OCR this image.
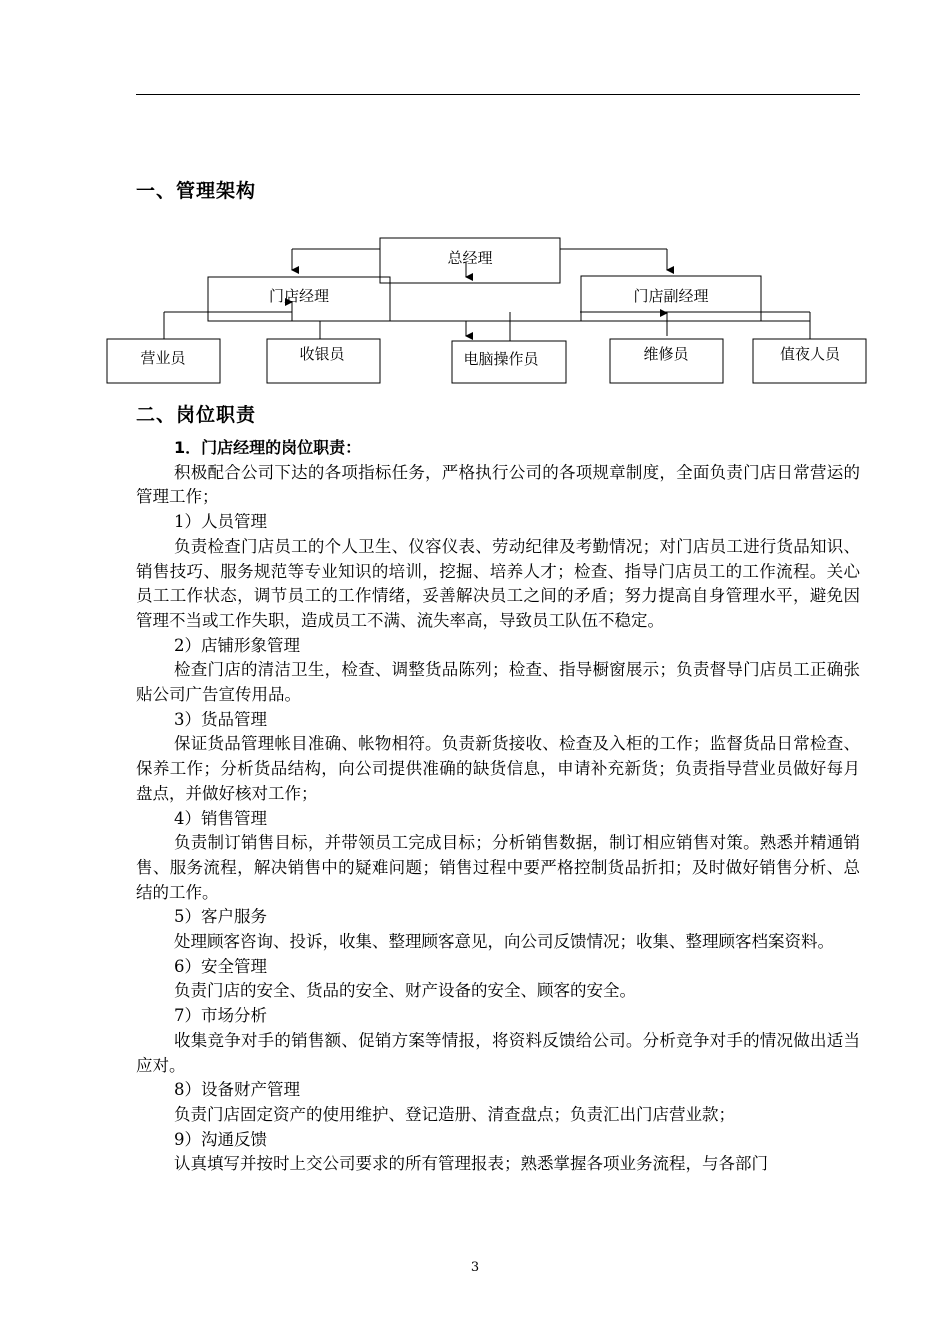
一、管理架构
总经理
门店经理	门店副经理
营业员	收银员	电脑操作员	维修员	值夜人员
二、岗位职责

1．门店经理的岗位职责：

积极配合公司下达的各项指标任务，严格执行公司的各项规章制度，全面负责门店日常营运的管理工作；

1）人员管理

负责检查门店员工的个人卫生、仪容仪表、劳动纪律及考勤情况；对门店员工进行货品知识、销售技巧、服务规范等专业知识的培训，挖掘、培养人才；检查、指导门店员工的工作流程。关心员工工作状态，调节员工的工作情绪，妥善解决员工之间的矛盾；努力提高自身管理水平，避免因管理不当或工作失职，造成员工不满、流失率高，导致员工队伍不稳定。

2）店铺形象管理

检查门店的清洁卫生，检查、调整货品陈列；检查、指导橱窗展示；负责督导门店员工正确张贴公司广告宣传用品。

3）货品管理

保证货品管理帐目准确、帐物相符。负责新货接收、检查及入柜的工作；监督货品日常检查、保养工作；分析货品结构，向公司提供准确的缺货信息，申请补充新货；负责指导营业员做好每月盘点，并做好核对工作；

4）销售管理

负责制订销售目标，并带领员工完成目标；分析销售数据，制订相应销售对策。熟悉并精通销售、服务流程，解决销售中的疑难问题；销售过程中要严格控制货品折扣；及时做好销售分析、总结的工作。

5）客户服务

处理顾客咨询、投诉，收集、整理顾客意见，向公司反馈情况；收集、整理顾客档案资料。

6）安全管理

负责门店的安全、货品的安全、财产设备的安全、顾客的安全。

7）市场分析

收集竞争对手的销售额、促销方案等情报，将资料反馈给公司。分析竞争对手的情况做出适当应对。

8）设备财产管理

负责门店固定资产的使用维护、登记造册、清查盘点；负责汇出门店营业款；

9）沟通反馈

认真填写并按时上交公司要求的所有管理报表；熟悉掌握各项业务流程，与各部门

3
